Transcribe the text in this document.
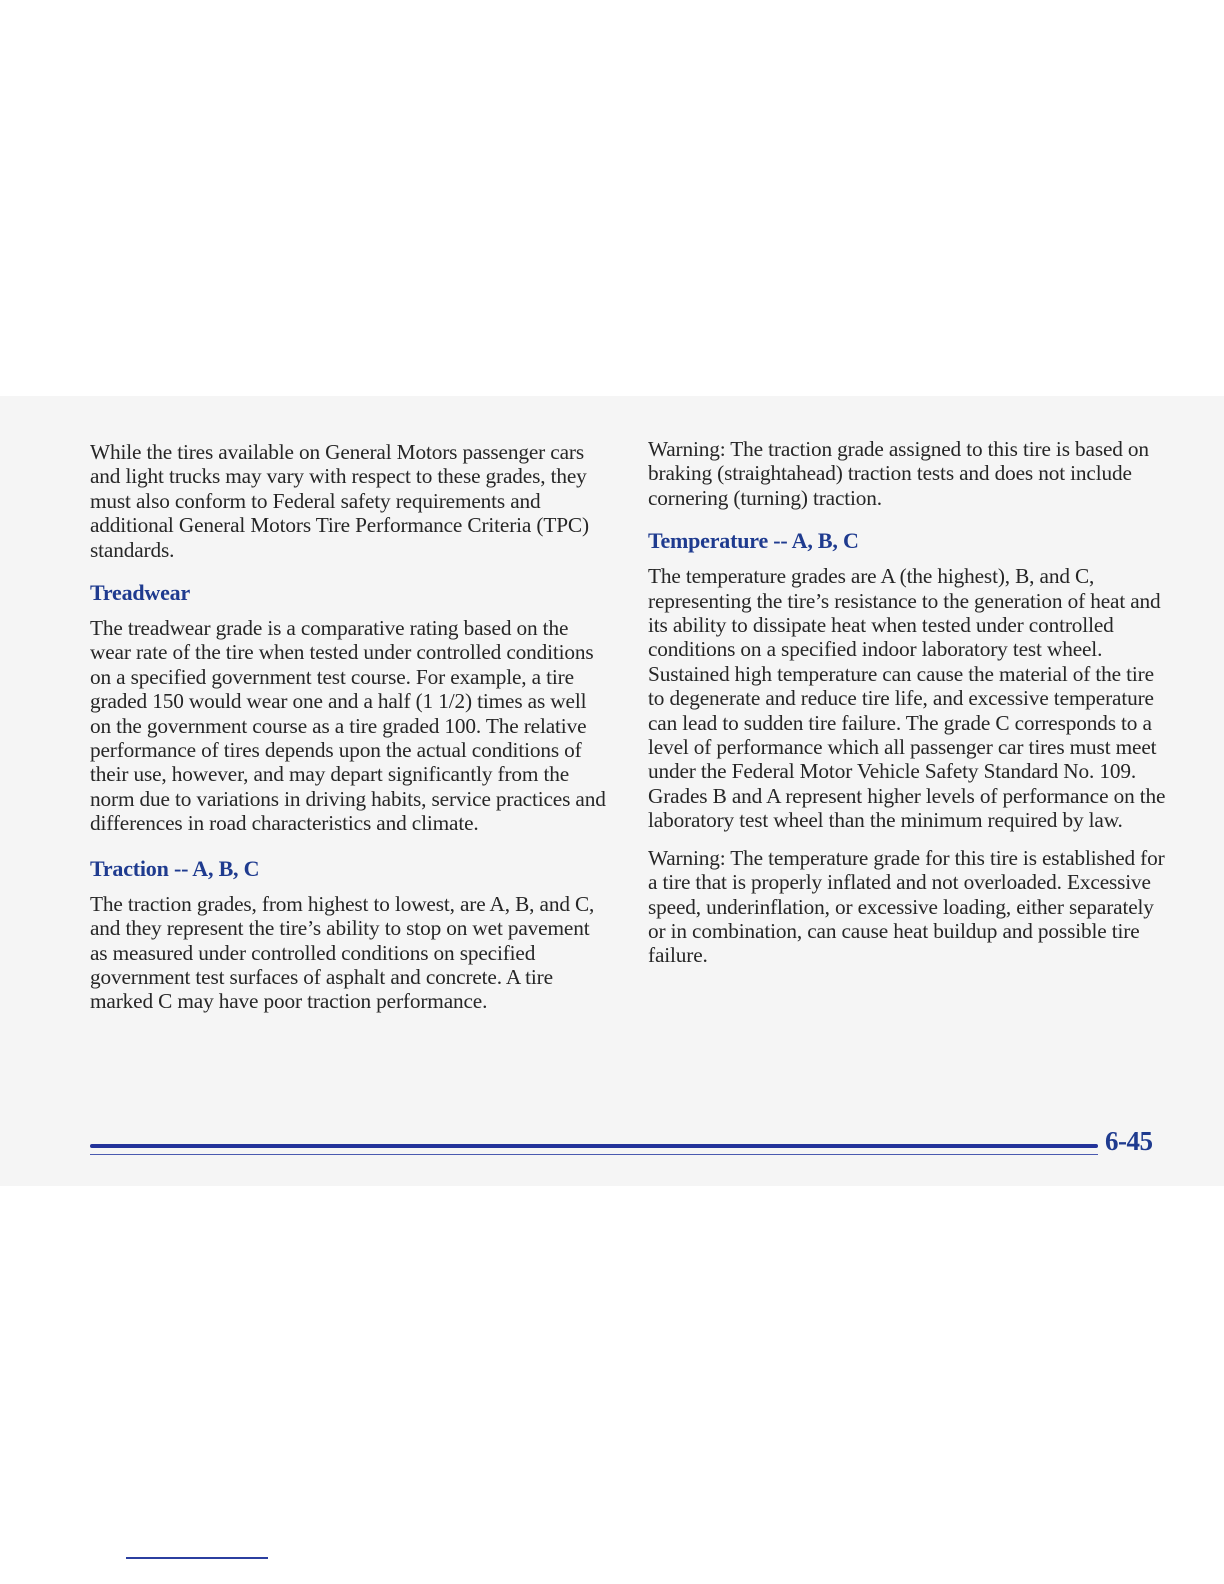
While the tires available on General Motors passenger cars and light trucks may vary with respect to these grades, they must also conform to Federal safety requirements and additional General Motors Tire Performance Criteria (TPC) standards.

Treadwear

The treadwear grade is a comparative rating based on the wear rate of the tire when tested under controlled conditions on a specified government test course. For example, a tire graded 150 would wear one and a half (1 1/2) times as well on the government course as a tire graded 100. The relative performance of tires depends upon the actual conditions of their use, however, and may depart significantly from the norm due to variations in driving habits, service practices and differences in road characteristics and climate.

Traction -- A, B, C

The traction grades, from highest to lowest, are A, B, and C, and they represent the tire’s ability to stop on wet pavement as measured under controlled conditions on specified government test surfaces of asphalt and concrete. A tire marked C may have poor traction performance.

Warning: The traction grade assigned to this tire is based on braking (straightahead) traction tests and does not include cornering (turning) traction.

Temperature -- A, B, C

The temperature grades are A (the highest), B, and C, representing the tire’s resistance to the generation of heat and its ability to dissipate heat when tested under controlled conditions on a specified indoor laboratory test wheel. Sustained high temperature can cause the material of the tire to degenerate and reduce tire life, and excessive temperature can lead to sudden tire failure. The grade C corresponds to a level of performance which all passenger car tires must meet under the Federal Motor Vehicle Safety Standard No. 109. Grades B and A represent higher levels of performance on the laboratory test wheel than the minimum required by law.

Warning: The temperature grade for this tire is established for a tire that is properly inflated and not overloaded. Excessive speed, underinflation, or excessive loading, either separately or in combination, can cause heat buildup and possible tire failure.

6-45
